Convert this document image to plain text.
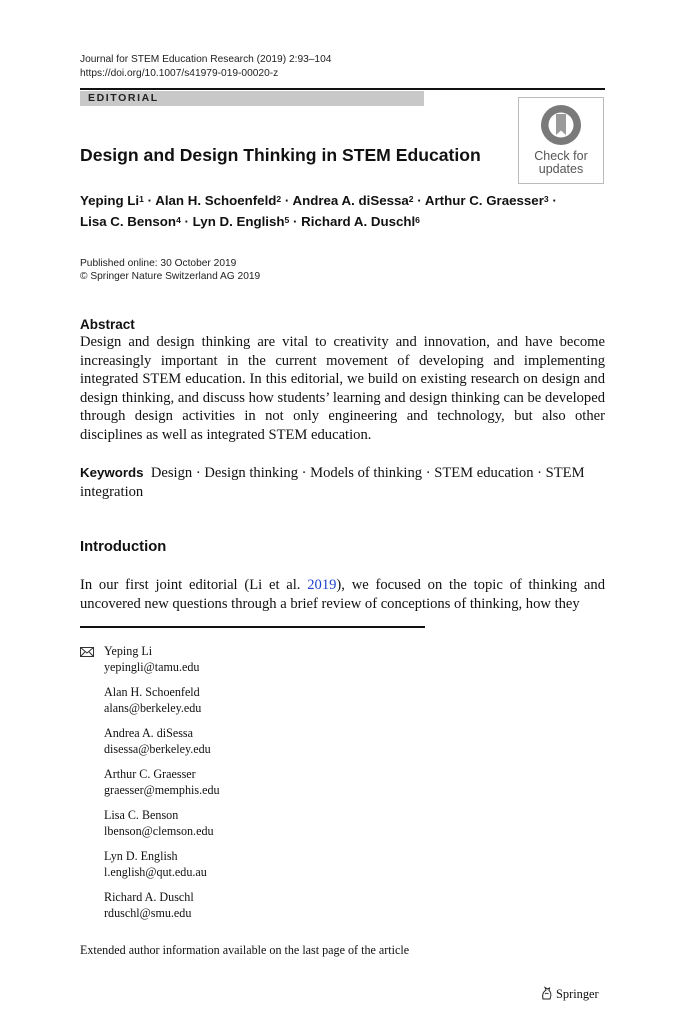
Journal for STEM Education Research (2019) 2:93–104
https://doi.org/10.1007/s41979-019-00020-z
EDITORIAL
Check for
updates
Design and Design Thinking in STEM Education
Yeping $Li^1$ · Alan H. Schoenfeld$^2$ · Andrea A. diSessa$^2$ · Arthur C. Graesser$^3$ ·
Lisa C. Benson$^4$ · Lyn D. English$^5$ · Richard A. Duschl$^6$
Published online: 30 October 2019
© Springer Nature Switzerland AG 2019
Abstract
Design and design thinking are vital to creativity and innovation, and have become increasingly important in the current movement of developing and implementing integrated STEM education. In this editorial, we build on existing research on design and design thinking, and discuss how students’ learning and design thinking can be developed through design activities in not only engineering and technology, but also other disciplines as well as integrated STEM education.
Keywords Design · Design thinking · Models of thinking · STEM education · STEM integration
Introduction
In our first joint editorial (Li et al. 2019), we focused on the topic of thinking and uncovered new questions through a brief review of conceptions of thinking, how they
Yeping Li
yepingli@tamu.edu
Alan H. Schoenfeld
alans@berkeley.edu
Andrea A. diSessa
disessa@berkeley.edu
Arthur C. Graesser
graesser@memphis.edu
Lisa C. Benson
lbenson@clemson.edu
Lyn D. English
l.english@qut.edu.au
Richard A. Duschl
rduschl@smu.edu
Extended author information available on the last page of the article
Springer
